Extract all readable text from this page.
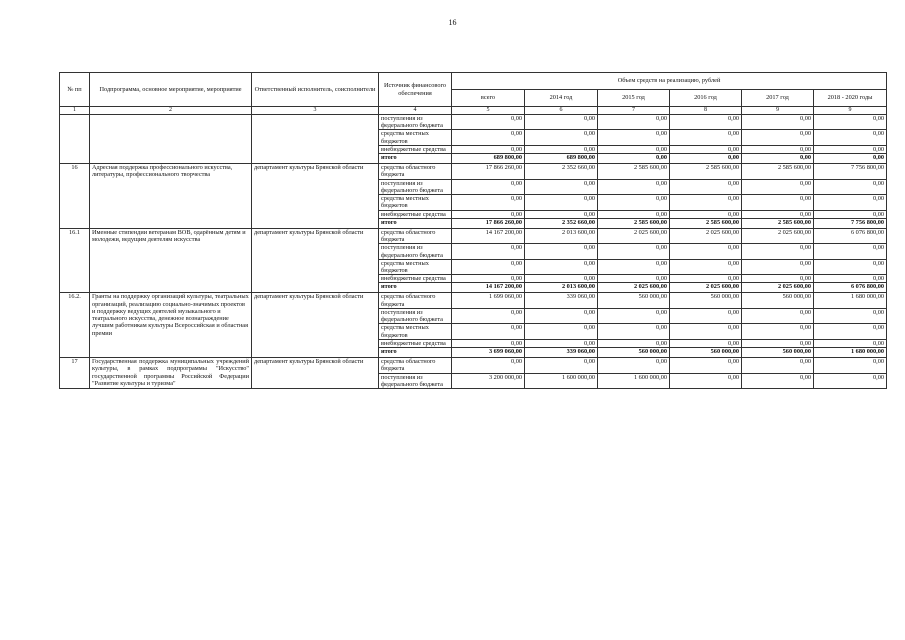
16
№ пп	Подпрограмма, основное мероприятие, мероприятие	Ответственный исполнитель, соисполнители	Источник финансового обеспечения	Объем средств на реализацию, рублей					
				всего	2014 год	2015 год	2016 год	2017 год	2018 - 2020 годы
1	2	3	4	5	6	7	8	9	9
			поступления из федерального бюджета	0,00	0,00	0,00	0,00	0,00	0,00
			средства местных бюджетов	0,00	0,00	0,00	0,00	0,00	0,00
			внебюджетные средства	0,00	0,00	0,00	0,00	0,00	0,00
			итого	689 800,00	689 800,00	0,00	0,00	0,00	0,00
16	Адресная поддержка профессионального искусства, литературы, профессионального творчества	департамент культуры Брянской области	средства областного бюджета	17 866 260,00	2 352 660,00	2 585 600,00	2 585 600,00	2 585 600,00	7 756 800,00
			поступления из федерального бюджета	0,00	0,00	0,00	0,00	0,00	0,00
			средства местных бюджетов	0,00	0,00	0,00	0,00	0,00	0,00
			внебюджетные средства	0,00	0,00	0,00	0,00	0,00	0,00
			итого	17 866 260,00	2 352 660,00	2 585 600,00	2 585 600,00	2 585 600,00	7 756 800,00
16.1	Именные стипендии ветеранам ВОВ, одарённым детям и молодежи, ведущим деятелям искусства	департамент культуры Брянской области	средства областного бюджета	14 167 200,00	2 013 600,00	2 025 600,00	2 025 600,00	2 025 600,00	6 076 800,00
			поступления из федерального бюджета	0,00	0,00	0,00	0,00	0,00	0,00
			средства местных бюджетов	0,00	0,00	0,00	0,00	0,00	0,00
			внебюджетные средства	0,00	0,00	0,00	0,00	0,00	0,00
			итого	14 167 200,00	2 013 600,00	2 025 600,00	2 025 600,00	2 025 600,00	6 076 800,00
16.2.	Гранты на поддержку организаций культуры, театральных организаций, реализацию социально-значимых проектов и поддержку ведущих деятелей музыкального и театрального искусства, денежное вознаграждение лучшим работникам культуры Всероссийская и областная премии	департамент культуры Брянской области	средства областного бюджета	1 699 060,00	339 060,00	560 000,00	560 000,00	560 000,00	1 680 000,00
			поступления из федерального бюджета	0,00	0,00	0,00	0,00	0,00	0,00
			средства местных бюджетов	0,00	0,00	0,00	0,00	0,00	0,00
			внебюджетные средства	0,00	0,00	0,00	0,00	0,00	0,00
			итого	3 699 060,00	339 060,00	560 000,00	560 000,00	560 000,00	1 680 000,00
17	Государственная поддержка муниципальных учреждений культуры, в рамках подпрограммы "Искусство" государственной программы Российской Федерации "Развитие культуры и туризма"	департамент культуры Брянской области	средства областного бюджета	0,00	0,00	0,00	0,00	0,00	0,00
			поступления из федерального бюджета	3 200 000,00	1 600 000,00	1 600 000,00	0,00	0,00	0,00
